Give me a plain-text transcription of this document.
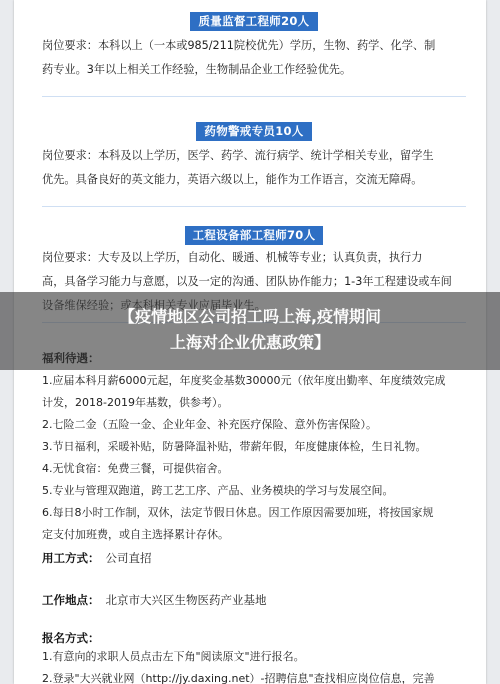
质量监督工程师20人
岗位要求：本科以上（一本或985/211院校优先）学历，生物、药学、化学、制
药专业。3年以上相关工作经验，生物制品企业工作经验优先。
药物警戒专员10人
岗位要求：本科及以上学历，医学、药学、流行病学、统计学相关专业，留学生
优先。具备良好的英文能力，英语六级以上，能作为工作语言，交流无障碍。
工程设备部工程师70人
岗位要求：大专及以上学历，自动化、暖通、机械等专业；认真负责，执行力
高，具备学习能力与意愿，以及一定的沟通、团队协作能力；1-3年工程建设或车间
1.应届本科月薪6000元起，年度奖金基数30000元（依年度出勤率、年度绩效完成
计发，2018-2019年基数，供参考）。
2.七险二金（五险一金、企业年金、补充医疗保险、意外伤害保险）。
3.节日福利，采暖补贴，防暑降温补贴，带薪年假，年度健康体检，生日礼物。
4.无忧食宿：免费三餐，可提供宿舍。
5.专业与管理双跑道，跨工艺工序、产品、业务模块的学习与发展空间。
6.每日8小时工作制，双休，法定节假日休息。因工作原因需要加班，将按国家规
定支付加班费，或自主选择累计存休。
用工方式： 公司直招
工作地点： 北京市大兴区生物医药产业基地
报名方式：
1.有意向的求职人员点击左下角"阅读原文"进行报名。
2.登录"大兴就业网（http://jy.daxing.net）-招聘信息"查找相应岗位信息，完善
【疫情地区公司招工吗上海,疫情期间
上海对企业优惠政策】
